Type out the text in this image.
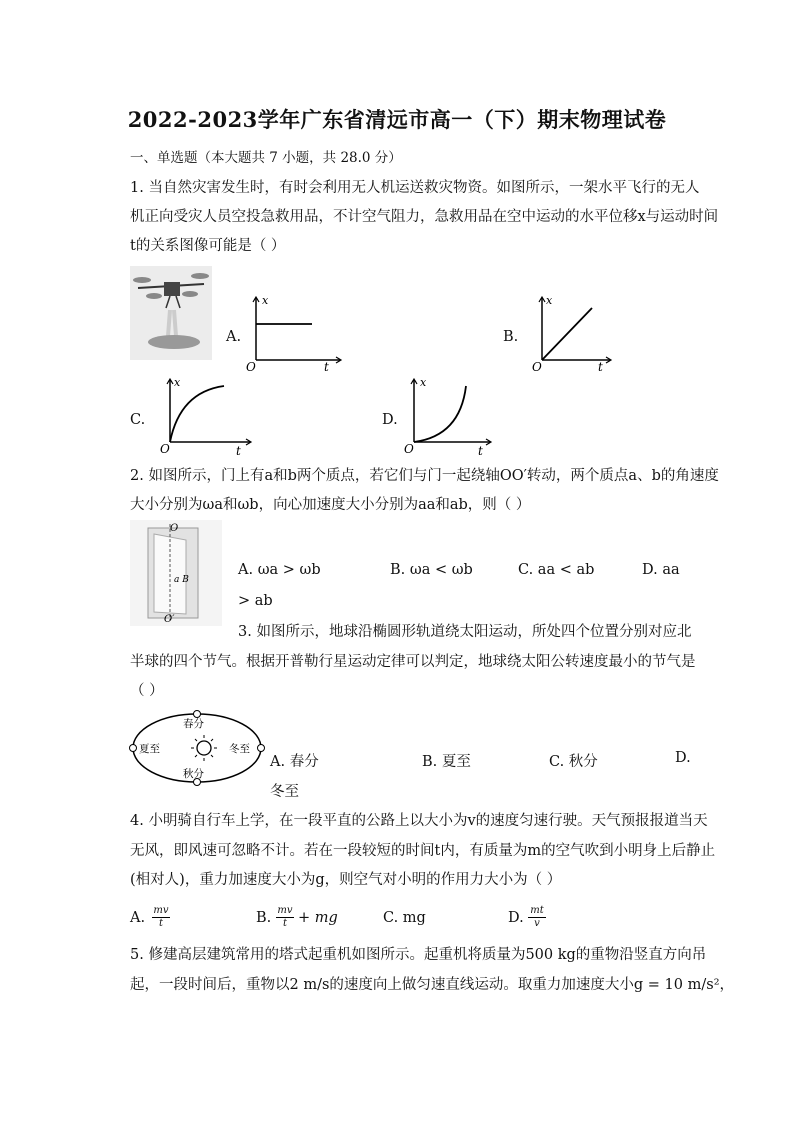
2022-2023学年广东省清远市高一（下）期末物理试卷
一、单选题（本大题共 7 小题，共 28.0 分）
1. 当自然灾害发生时，有时会利用无人机运送救灾物资。如图所示，一架水平飞行的无人
机正向受灾人员空投急救用品，不计空气阻力，急救用品在空中运动的水平位移x与运动时间
t的关系图像可能是（ ）
A.
x
O	t
B.
x
O	t
C.
x
O	t
D.
x
O	t
2. 如图所示，门上有a和b两个质点，若它们与门一起绕轴OO′转动，两个质点a、b的角速度
大小分别为ωa和ωb，向心加速度大小分别为aa和ab，则（ ）
O
O′
a B
A. ωa > ωb	B. ωa < ωb	C. aa < ab	D. aa
> ab
3. 如图所示，地球沿椭圆形轨道绕太阳运动，所处四个位置分别对应北
半球的四个节气。根据开普勒行星运动定律可以判定，地球绕太阳公转速度最小的节气是
（ ）
春分
夏至	冬至
秋分
A. 春分	B. 夏至	C. 秋分	D.
冬至
4. 小明骑自行车上学，在一段平直的公路上以大小为v的速度匀速行驶。天气预报报道当天
无风，即风速可忽略不计。若在一段较短的时间t内，有质量为m的空气吹到小明身上后静止
(相对人)，重力加速度大小为g，则空气对小明的作用力大小为（ ）
A. $\frac{mv}{t}$	B. $\frac{mv}{t}$ + mg	C. mg	D. $\frac{mt}{v}$
5. 修建高层建筑常用的塔式起重机如图所示。起重机将质量为500 kg的重物沿竖直方向吊
起，一段时间后，重物以2 m/s的速度向上做匀速直线运动。取重力加速度大小g = 10 m/s²，
